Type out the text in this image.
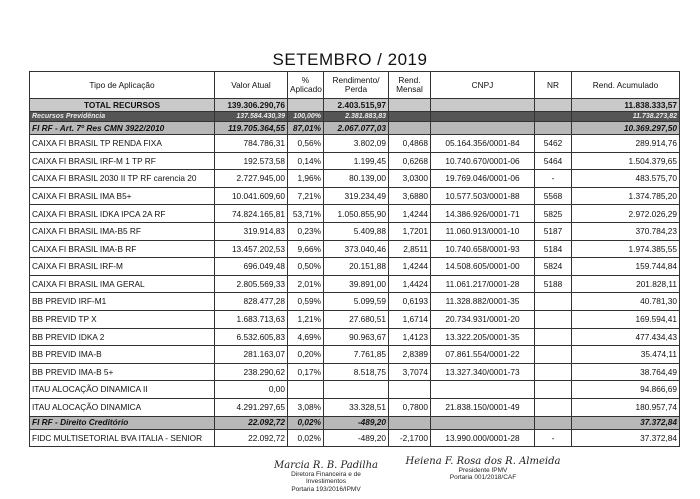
SETEMBRO / 2019
Tipo de Aplicação	Valor Atual	% Aplicado	Rendimento/ Perda	Rend. Mensal	CNPJ	NR	Rend. Acumulado
TOTAL RECURSOS	139.306.290,76		2.403.515,97				11.838.333,57
Recursos Previdência	137.584.430,39	100,00%	2.381.883,83				11.738.273,82
FI RF - Art. 7º Res CMN 3922/2010	119.705.364,55	87,01%	2.067.077,03				10.369.297,50
CAIXA FI BRASIL TP RENDA FIXA	784.786,31	0,56%	3.802,09	0,4868	05.164.356/0001-84	5462	289.914,76
CAIXA FI BRASIL IRF-M 1 TP RF	192.573,58	0,14%	1.199,45	0,6268	10.740.670/0001-06	5464	1.504.379,65
CAIXA FI BRASIL 2030 II TP RF carencia 20	2.727.945,00	1,96%	80.139,00	3,0300	19.769.046/0001-06	-	483.575,70
CAIXA FI BRASIL IMA B5+	10.041.609,60	7,21%	319.234,49	3,6880	10.577.503/0001-88	5568	1.374.785,20
CAIXA FI BRASIL IDKA IPCA 2A RF	74.824.165,81	53,71%	1.050.855,90	1,4244	14.386.926/0001-71	5825	2.972.026,29
CAIXA FI BRASIL IMA-B5 RF	319.914,83	0,23%	5.409,88	1,7201	11.060.913/0001-10	5187	370.784,23
CAIXA FI BRASIL IMA-B RF	13.457.202,53	9,66%	373.040,46	2,8511	10.740.658/0001-93	5184	1.974.385,55
CAIXA FI BRASIL IRF-M	696.049,48	0,50%	20.151,88	1,4244	14.508.605/0001-00	5824	159.744,84
CAIXA FI BRASIL IMA GERAL	2.805.569,33	2,01%	39.891,00	1,4424	11.061.217/0001-28	5188	201.828,11
BB PREVID IRF-M1	828.477,28	0,59%	5.099,59	0,6193	11.328.882/0001-35		40.781,30
BB PREVID TP X	1.683.713,63	1,21%	27.680,51	1,6714	20.734.931/0001-20		169.594,41
BB PREVID IDKA 2	6.532.605,83	4,69%	90.963,67	1,4123	13.322.205/0001-35		477.434,43
BB PREVID IMA-B	281.163,07	0,20%	7.761,85	2,8389	07.861.554/0001-22		35.474,11
BB PREVID IMA-B 5+	238.290,62	0,17%	8.518,75	3,7074	13.327.340/0001-73		38.764,49
ITAU ALOCAÇÃO DINAMICA II	0,00						94.866,69
ITAU ALOCAÇÃO DINAMICA	4.291.297,65	3,08%	33.328,51	0,7800	21.838.150/0001-49		180.957,74
FI RF - Direito Creditório	22.092,72	0,02%	-489,20				37.372,84
FIDC MULTISETORIAL BVA ITALIA - SENIOR	22.092,72	0,02%	-489,20	-2,1700	13.990.000/0001-28	-	37.372,84
Marcia R. B. Padilha
Diretora Financeira e de
Investimentos
Portaria 193/2016/IPMV
Heiena F. Rosa dos R. Almeida
Presidente IPMV
Portaria 001/2018/CAF
